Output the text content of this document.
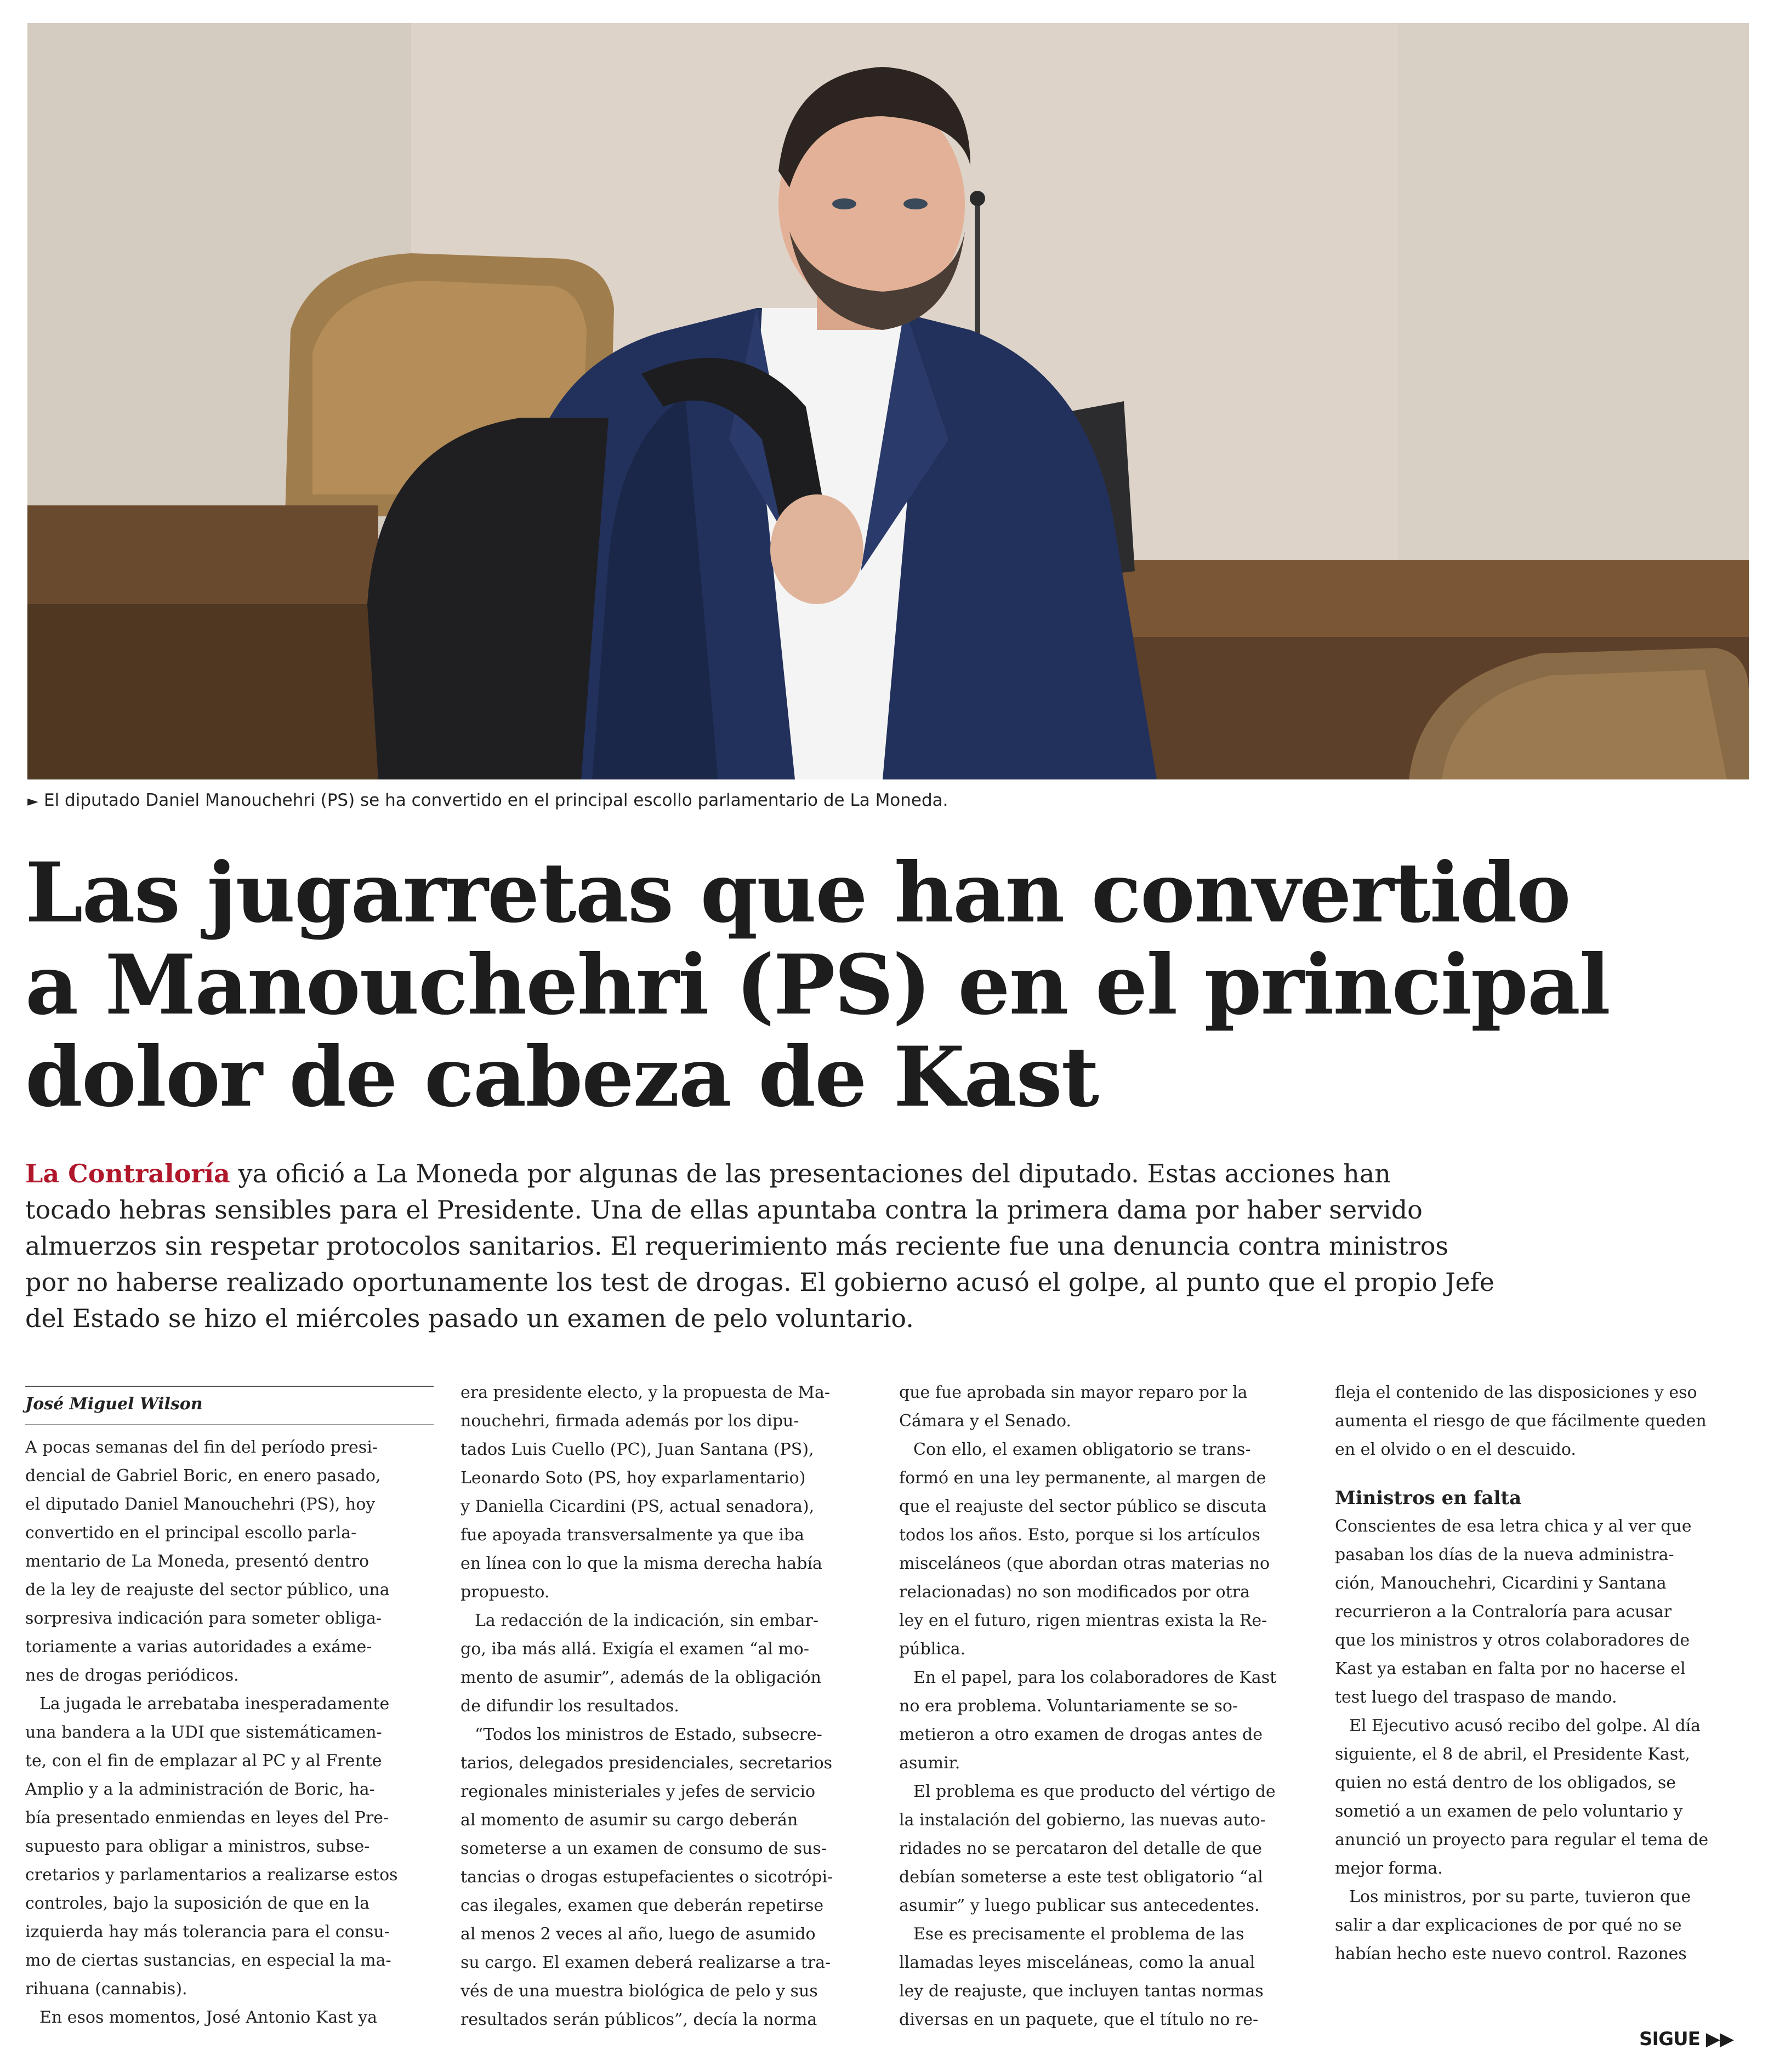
► El diputado Daniel Manouchehri (PS) se ha convertido en el principal escollo parlamentario de La Moneda.
Las jugarretas que han convertido
a Manouchehri (PS) en el principal
dolor de cabeza de Kast

La Contraloría ya ofició a La Moneda por algunas de las presentaciones del diputado. Estas acciones han
tocado hebras sensibles para el Presidente. Una de ellas apuntaba contra la primera dama por haber servido
almuerzos sin respetar protocolos sanitarios. El requerimiento más reciente fue una denuncia contra ministros
por no haberse realizado oportunamente los test de drogas. El gobierno acusó el golpe, al punto que el propio Jefe
del Estado se hizo el miércoles pasado un examen de pelo voluntario.

José Miguel Wilson
A pocas semanas del fin del período presi-
dencial de Gabriel Boric, en enero pasado,
el diputado Daniel Manouchehri (PS), hoy
convertido en el principal escollo parla-
mentario de La Moneda, presentó dentro
de la ley de reajuste del sector público, una
sorpresiva indicación para someter obliga-
toriamente a varias autoridades a exáme-
nes de drogas periódicos.
La jugada le arrebataba inesperadamente
una bandera a la UDI que sistemáticamen-
te, con el fin de emplazar al PC y al Frente
Amplio y a la administración de Boric, ha-
bía presentado enmiendas en leyes del Pre-
supuesto para obligar a ministros, subse-
cretarios y parlamentarios a realizarse estos
controles, bajo la suposición de que en la
izquierda hay más tolerancia para el consu-
mo de ciertas sustancias, en especial la ma-
rihuana (cannabis).
En esos momentos, José Antonio Kast ya
era presidente electo, y la propuesta de Ma-
nouchehri, firmada además por los dipu-
tados Luis Cuello (PC), Juan Santana (PS),
Leonardo Soto (PS, hoy exparlamentario)
y Daniella Cicardini (PS, actual senadora),
fue apoyada transversalmente ya que iba
en línea con lo que la misma derecha había
propuesto.
La redacción de la indicación, sin embar-
go, iba más allá. Exigía el examen “al mo-
mento de asumir”, además de la obligación
de difundir los resultados.
“Todos los ministros de Estado, subsecre-
tarios, delegados presidenciales, secretarios
regionales ministeriales y jefes de servicio
al momento de asumir su cargo deberán
someterse a un examen de consumo de sus-
tancias o drogas estupefacientes o sicotrópi-
cas ilegales, examen que deberán repetirse
al menos 2 veces al año, luego de asumido
su cargo. El examen deberá realizarse a tra-
vés de una muestra biológica de pelo y sus
resultados serán públicos”, decía la norma
que fue aprobada sin mayor reparo por la
Cámara y el Senado.
Con ello, el examen obligatorio se trans-
formó en una ley permanente, al margen de
que el reajuste del sector público se discuta
todos los años. Esto, porque si los artículos
misceláneos (que abordan otras materias no
relacionadas) no son modificados por otra
ley en el futuro, rigen mientras exista la Re-
pública.
En el papel, para los colaboradores de Kast
no era problema. Voluntariamente se so-
metieron a otro examen de drogas antes de
asumir.
El problema es que producto del vértigo de
la instalación del gobierno, las nuevas auto-
ridades no se percataron del detalle de que
debían someterse a este test obligatorio “al
asumir” y luego publicar sus antecedentes.
Ese es precisamente el problema de las
llamadas leyes misceláneas, como la anual
ley de reajuste, que incluyen tantas normas
diversas en un paquete, que el título no re-
fleja el contenido de las disposiciones y eso
aumenta el riesgo de que fácilmente queden
en el olvido o en el descuido.
Ministros en falta
Conscientes de esa letra chica y al ver que
pasaban los días de la nueva administra-
ción, Manouchehri, Cicardini y Santana
recurrieron a la Contraloría para acusar
que los ministros y otros colaboradores de
Kast ya estaban en falta por no hacerse el
test luego del traspaso de mando.
El Ejecutivo acusó recibo del golpe. Al día
siguiente, el 8 de abril, el Presidente Kast,
quien no está dentro de los obligados, se
sometió a un examen de pelo voluntario y
anunció un proyecto para regular el tema de
mejor forma.
Los ministros, por su parte, tuvieron que
salir a dar explicaciones de por qué no se
habían hecho este nuevo control. Razones
SIGUE ▶▶
